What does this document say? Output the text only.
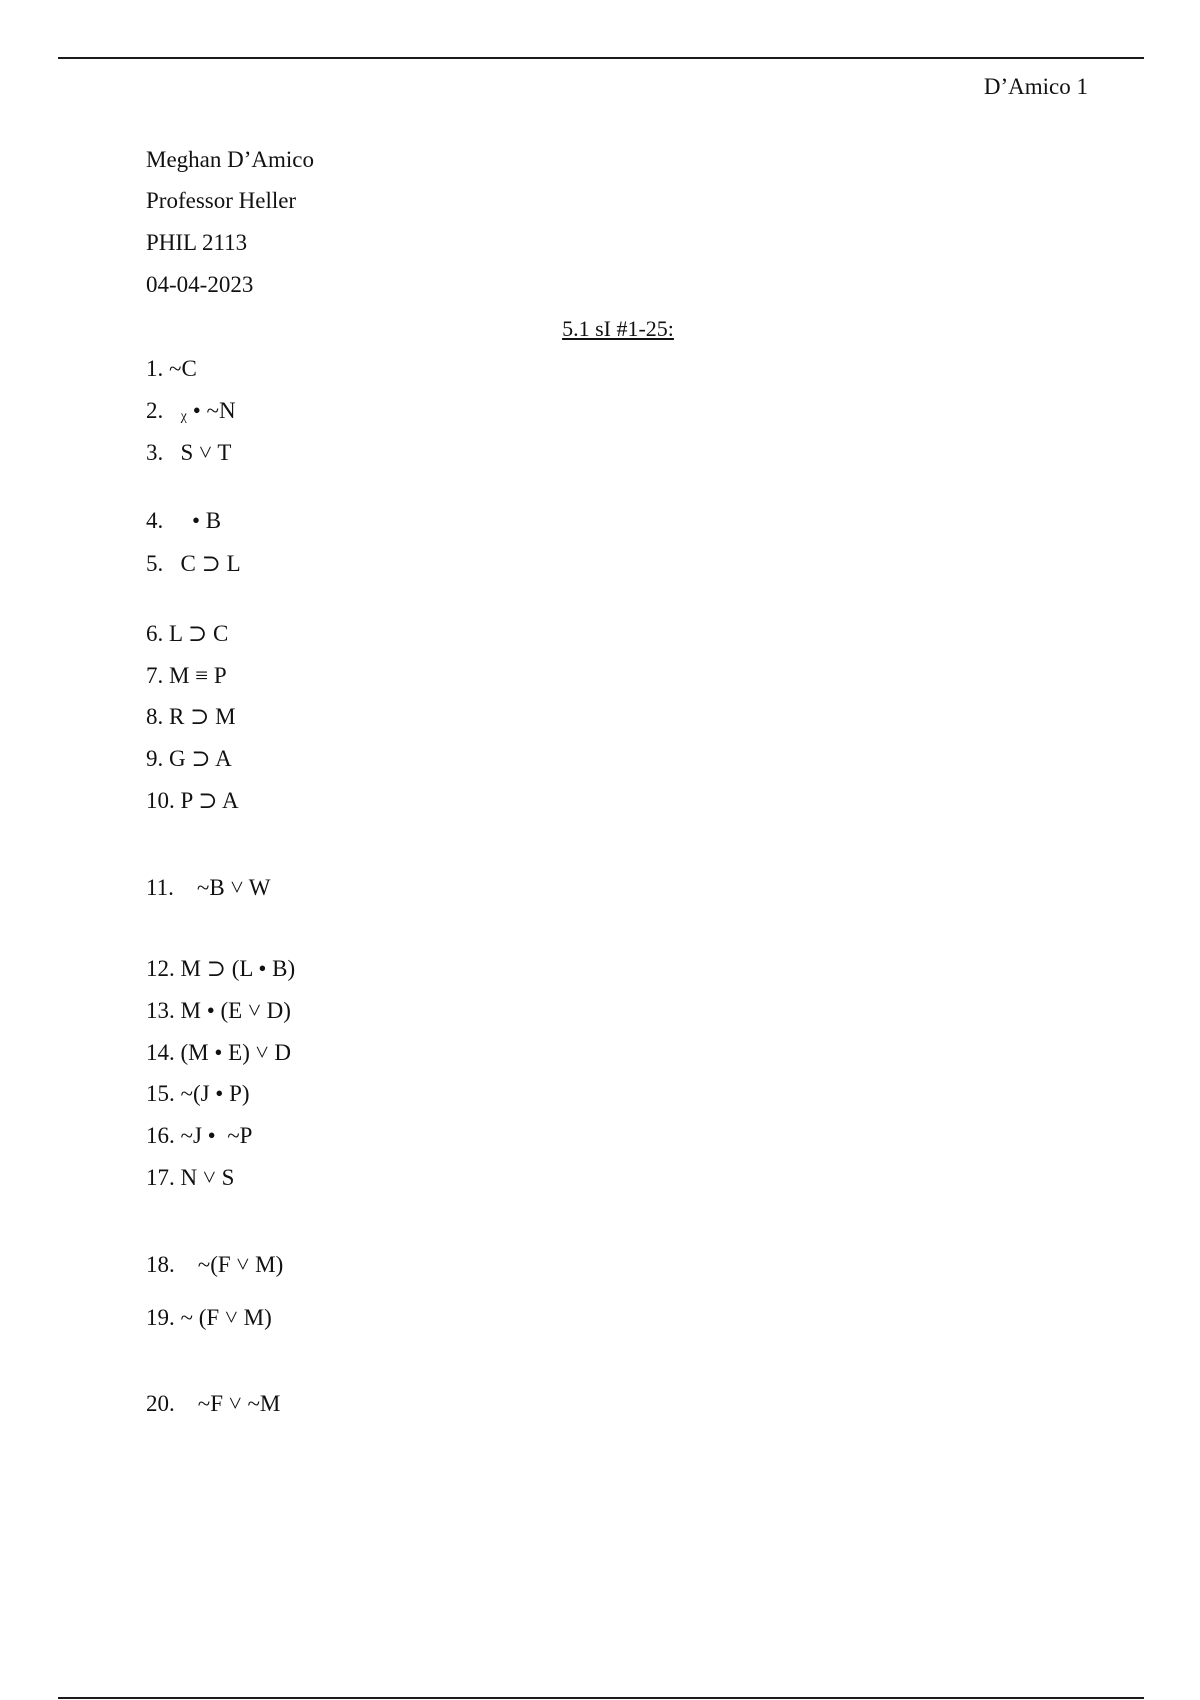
D’Amico 1
Meghan D’Amico
Professor Heller
PHIL 2113
04-04-2023
5.1 sI #1-25:
1. ~C
2. ᵪ • ~N
3. S ˅ T
4. • B
5. C ⊃ L
6. L ⊃ C
7. M ≡ P
8. R ⊃ M
9. G ⊃ A
10. P ⊃ A
11. ~B ˅ W
12. M ⊃ (L • B)
13. M • (E ˅ D)
14. (M • E) ˅ D
15. ~(J • P)
16. ~J •  ~P
17. N ˅ S
18. ~(F ˅ M)
19. ~ (F ˅ M)
20. ~F ˅ ~M
